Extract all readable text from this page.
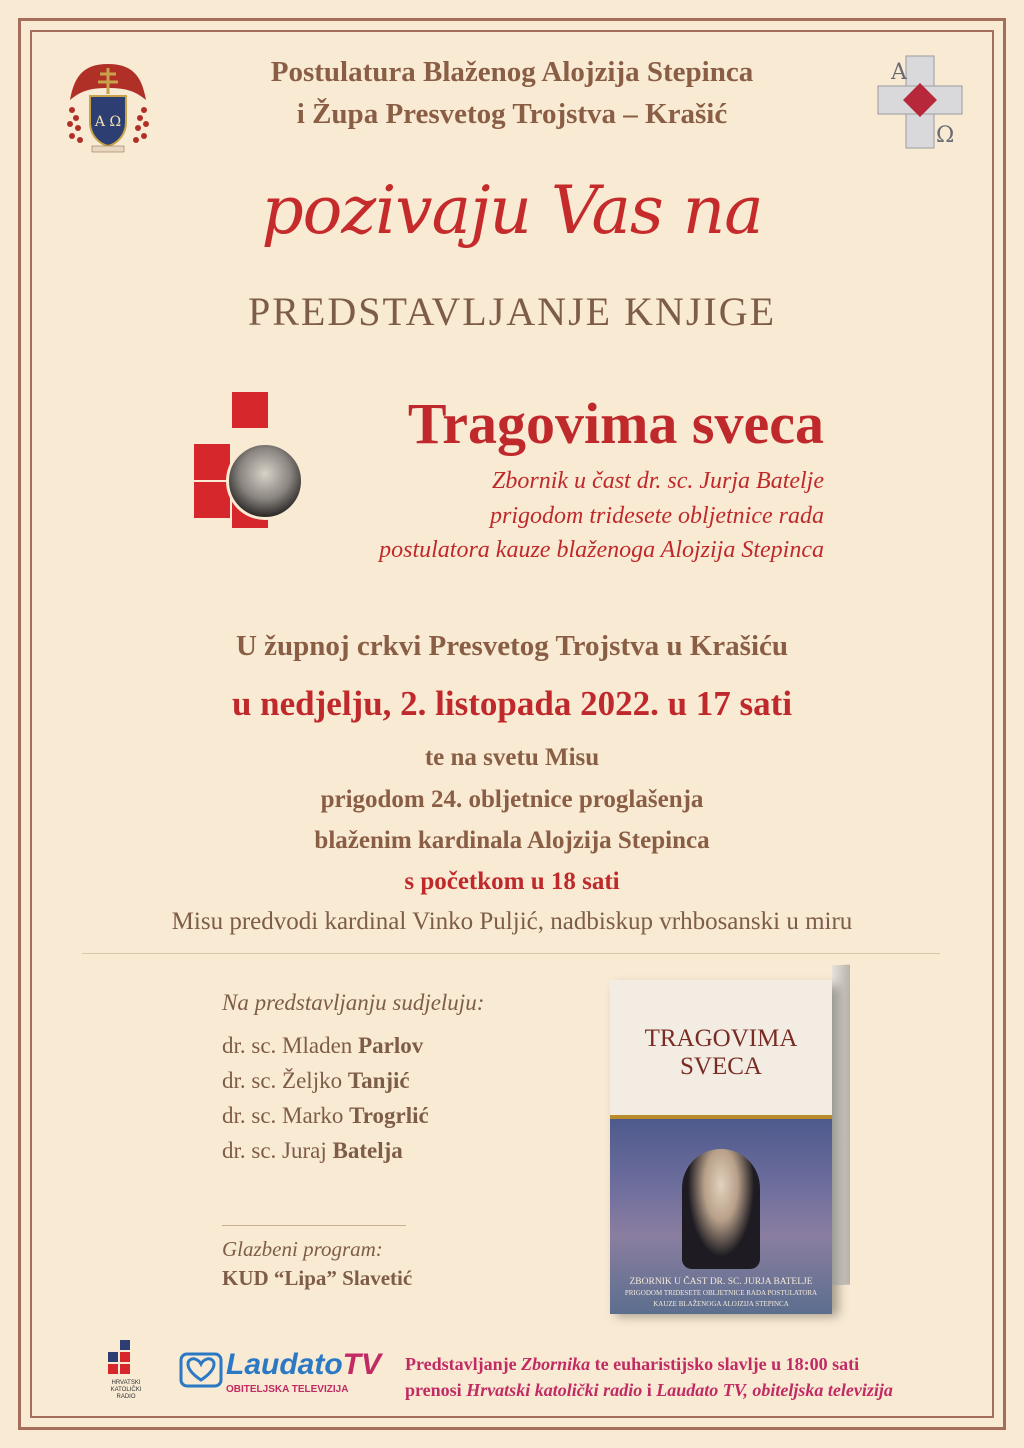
A Ω
A
Ω
Postulatura Blaženog Alojzija Stepinca
i Župa Presvetog Trojstva – Krašić
pozivaju Vas na
PREDSTAVLJANJE KNJIGE
Tragovima sveca
Zbornik u čast dr. sc. Jurja Batelje
prigodom tridesete obljetnice rada
postulatora kauze blaženoga Alojzija Stepinca
U župnoj crkvi Presvetog Trojstva u Krašiću
u nedjelju, 2. listopada 2022. u 17 sati
te na svetu Misu
prigodom 24. obljetnice proglašenja
blaženim kardinala Alojzija Stepinca
s početkom u 18 sati
Misu predvodi kardinal Vinko Puljić, nadbiskup vrhbosanski u miru
Na predstavljanju sudjeluju:
dr. sc. Mladen Parlov
dr. sc. Željko Tanjić
dr. sc. Marko Trogrlić
dr. sc. Juraj Batelja
Glazbeni program:
KUD “Lipa” Slavetić
TRAGOVIMA
SVECA
ZBORNIK U ČAST DR. SC. JURJA BATELJE
PRIGODOM TRIDESETE OBLJETNICE RADA POSTULATORA
KAUZE BLAŽENOGA ALOJZIJA STEPINCA
HRVATSKI KATOLIČKI RADIO
LaudatoTV
OBITELJSKA TELEVIZIJA
Predstavljanje Zbornika te euharistijsko slavlje u 18:00 sati
prenosi Hrvatski katolički radio i Laudato TV, obiteljska televizija
